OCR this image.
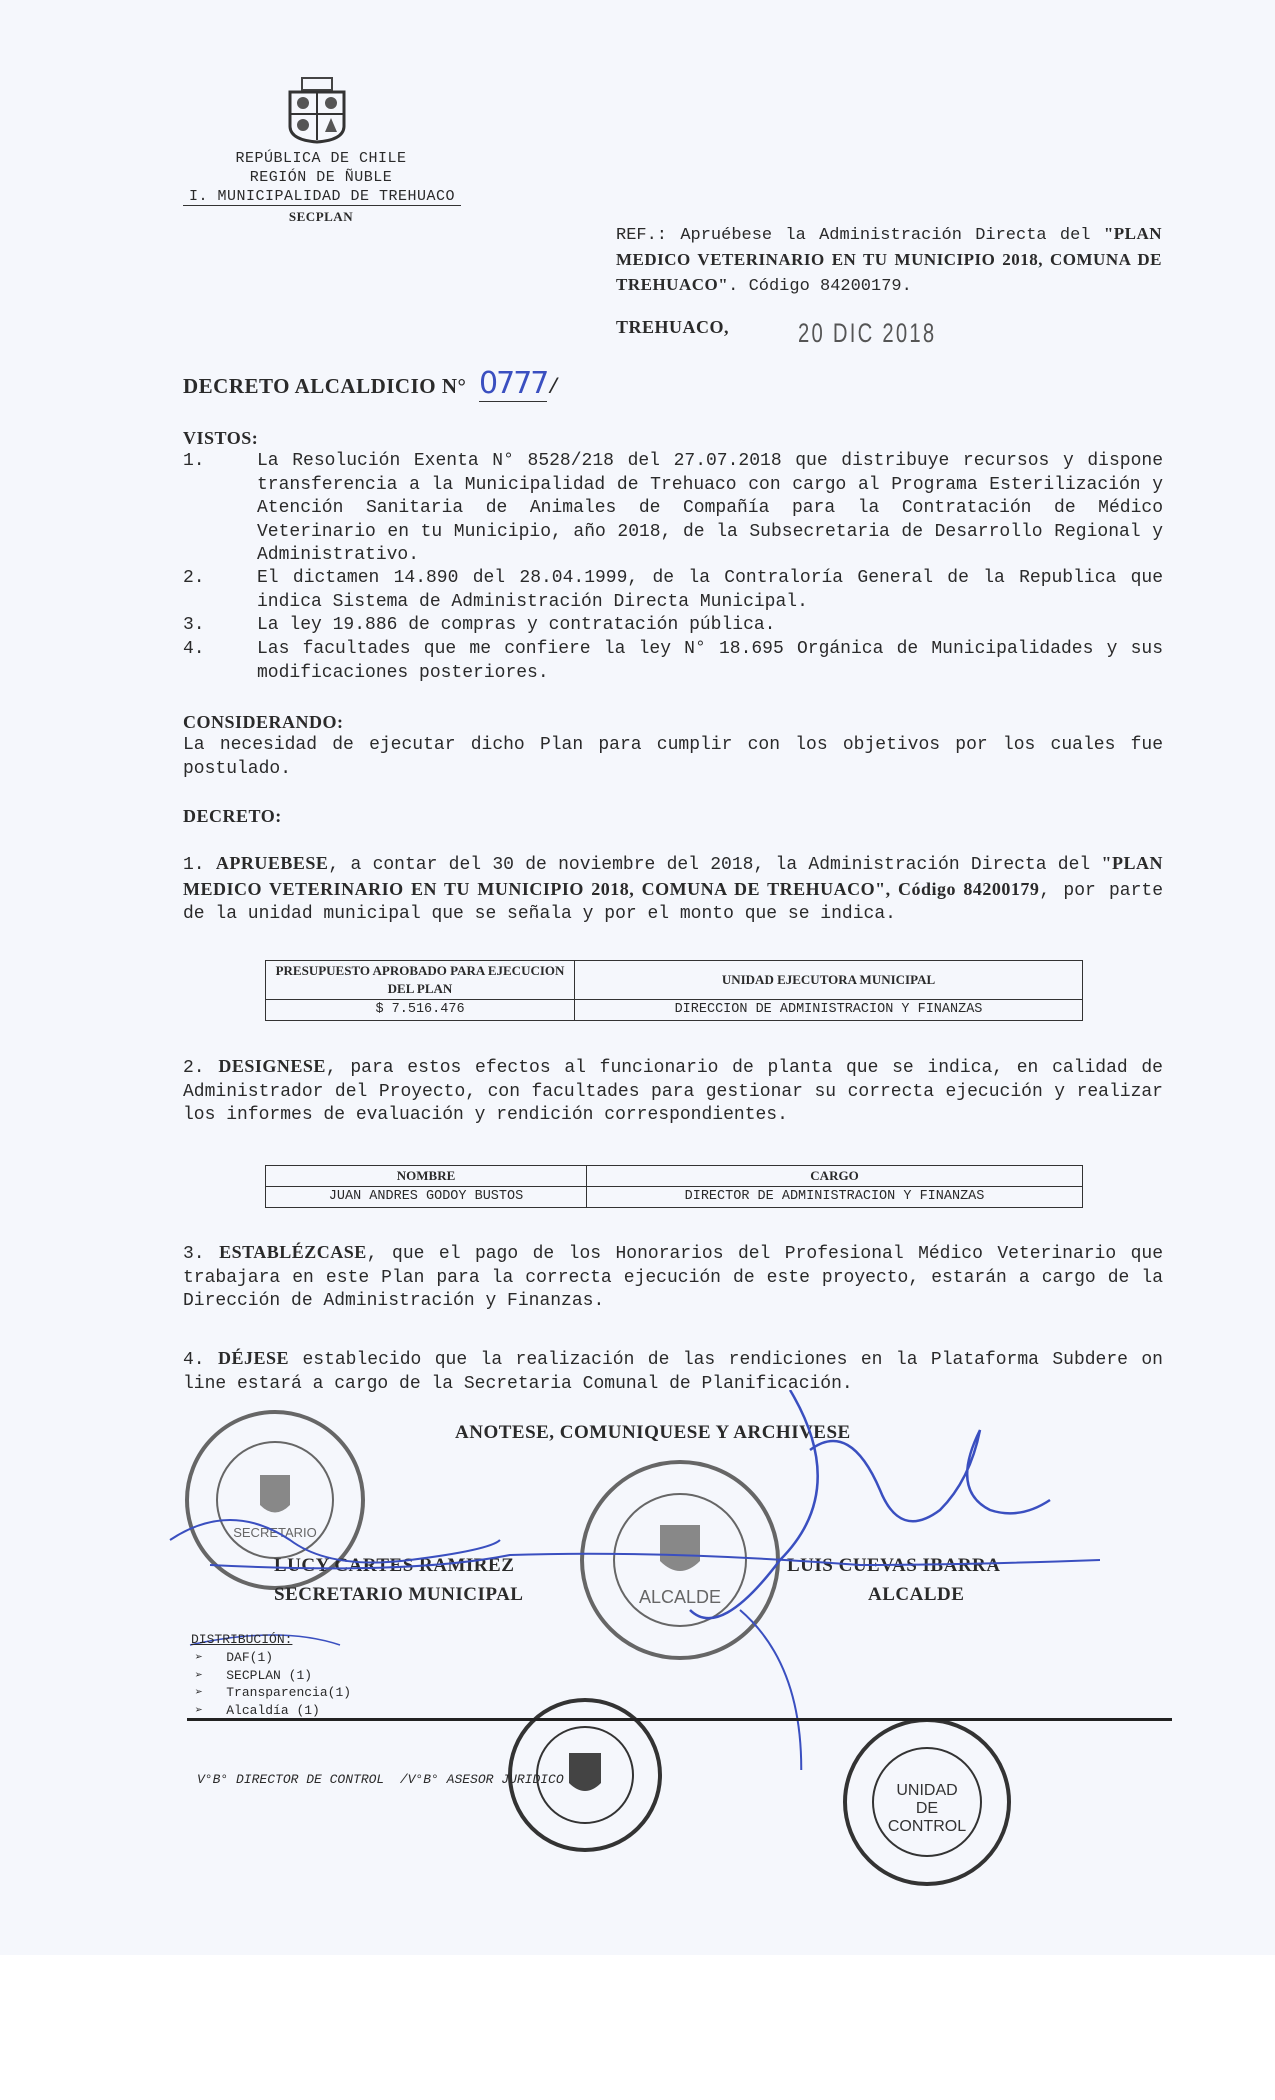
REPÚBLICA DE CHILE
REGIÓN DE ÑUBLE
I. MUNICIPALIDAD DE TREHUACO
SECPLAN
REF.: Apruébese la Administración Directa del "PLAN MEDICO VETERINARIO EN TU MUNICIPIO 2018, COMUNA DE TREHUACO". Código 84200179.
TREHUACO,	20 DIC 2018
DECRETO ALCALDICIO N° 0777/
VISTOS:
1.	La Resolución Exenta N° 8528/218 del 27.07.2018 que distribuye recursos y dispone transferencia a la Municipalidad de Trehuaco con cargo al Programa Esterilización y Atención Sanitaria de Animales de Compañía para la Contratación de Médico Veterinario en tu Municipio, año 2018, de la Subsecretaria de Desarrollo Regional y Administrativo.
2.	El dictamen 14.890 del 28.04.1999, de la Contraloría General de la Republica que indica Sistema de Administración Directa Municipal.
3.	La ley 19.886 de compras y contratación pública.
4.	Las facultades que me confiere la ley N° 18.695 Orgánica de Municipalidades y sus modificaciones posteriores.
CONSIDERANDO:
La necesidad de ejecutar dicho Plan para cumplir con los objetivos por los cuales fue postulado.
DECRETO:
1. APRUEBESE, a contar del 30 de noviembre del 2018, la Administración Directa del "PLAN MEDICO VETERINARIO EN TU MUNICIPIO 2018, COMUNA DE TREHUACO", Código 84200179, por parte de la unidad municipal que se señala y por el monto que se indica.
PRESUPUESTO APROBADO PARA EJECUCION DEL PLAN	UNIDAD EJECUTORA MUNICIPAL
$ 7.516.476	DIRECCION DE ADMINISTRACION Y FINANZAS
2. DESIGNESE, para estos efectos al funcionario de planta que se indica, en calidad de Administrador del Proyecto, con facultades para gestionar su correcta ejecución y realizar los informes de evaluación y rendición correspondientes.
NOMBRE	CARGO
JUAN ANDRES GODOY BUSTOS	DIRECTOR DE ADMINISTRACION Y FINANZAS
3. ESTABLÉZCASE, que el pago de los Honorarios del Profesional Médico Veterinario que trabajara en este Plan para la correcta ejecución de este proyecto, estarán a cargo de la Dirección de Administración y Finanzas.
4. DÉJESE establecido que la realización de las rendiciones en la Plataforma Subdere on line estará a cargo de la Secretaria Comunal de Planificación.
ANOTESE, COMUNIQUESE Y ARCHIVESE
SECRETARIO
ALCALDE
UNIDAD
DE
CONTROL
LUCY CARTES RAMIREZ
SECRETARIO MUNICIPAL
LUIS CUEVAS IBARRA
ALCALDE
DISTRIBUCIÓN:
➢ DAF(1)
➢ SECPLAN (1)
➢ Transparencia(1)
➢ Alcaldía (1)
V°B° DIRECTOR DE CONTROL  /V°B° ASESOR JURIDICO
